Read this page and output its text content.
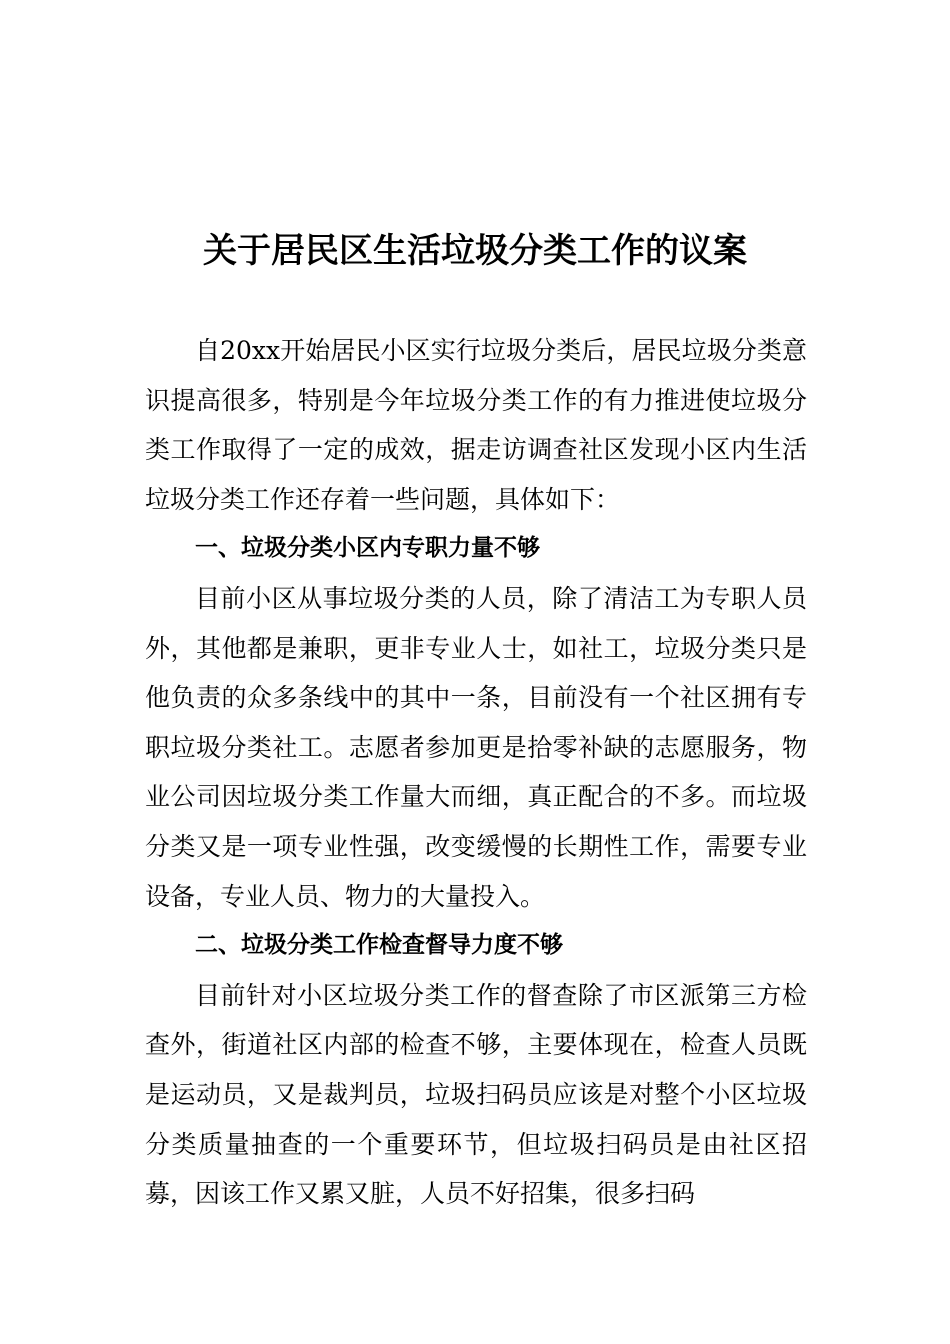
关于居民区生活垃圾分类工作的议案

自20xx开始居民小区实行垃圾分类后，居民垃圾分类意识提高很多，特别是今年垃圾分类工作的有力推进使垃圾分类工作取得了一定的成效，据走访调查社区发现小区内生活垃圾分类工作还存着一些问题，具体如下：

一、垃圾分类小区内专职力量不够

目前小区从事垃圾分类的人员，除了清洁工为专职人员外，其他都是兼职，更非专业人士，如社工，垃圾分类只是他负责的众多条线中的其中一条，目前没有一个社区拥有专职垃圾分类社工。志愿者参加更是拾零补缺的志愿服务，物业公司因垃圾分类工作量大而细，真正配合的不多。而垃圾分类又是一项专业性强，改变缓慢的长期性工作，需要专业设备，专业人员、物力的大量投入。

二、垃圾分类工作检查督导力度不够

目前针对小区垃圾分类工作的督查除了市区派第三方检查外，街道社区内部的检查不够，主要体现在，检查人员既是运动员，又是裁判员，垃圾扫码员应该是对整个小区垃圾分类质量抽查的一个重要环节，但垃圾扫码员是由社区招募，因该工作又累又脏，人员不好招集，很多扫码
